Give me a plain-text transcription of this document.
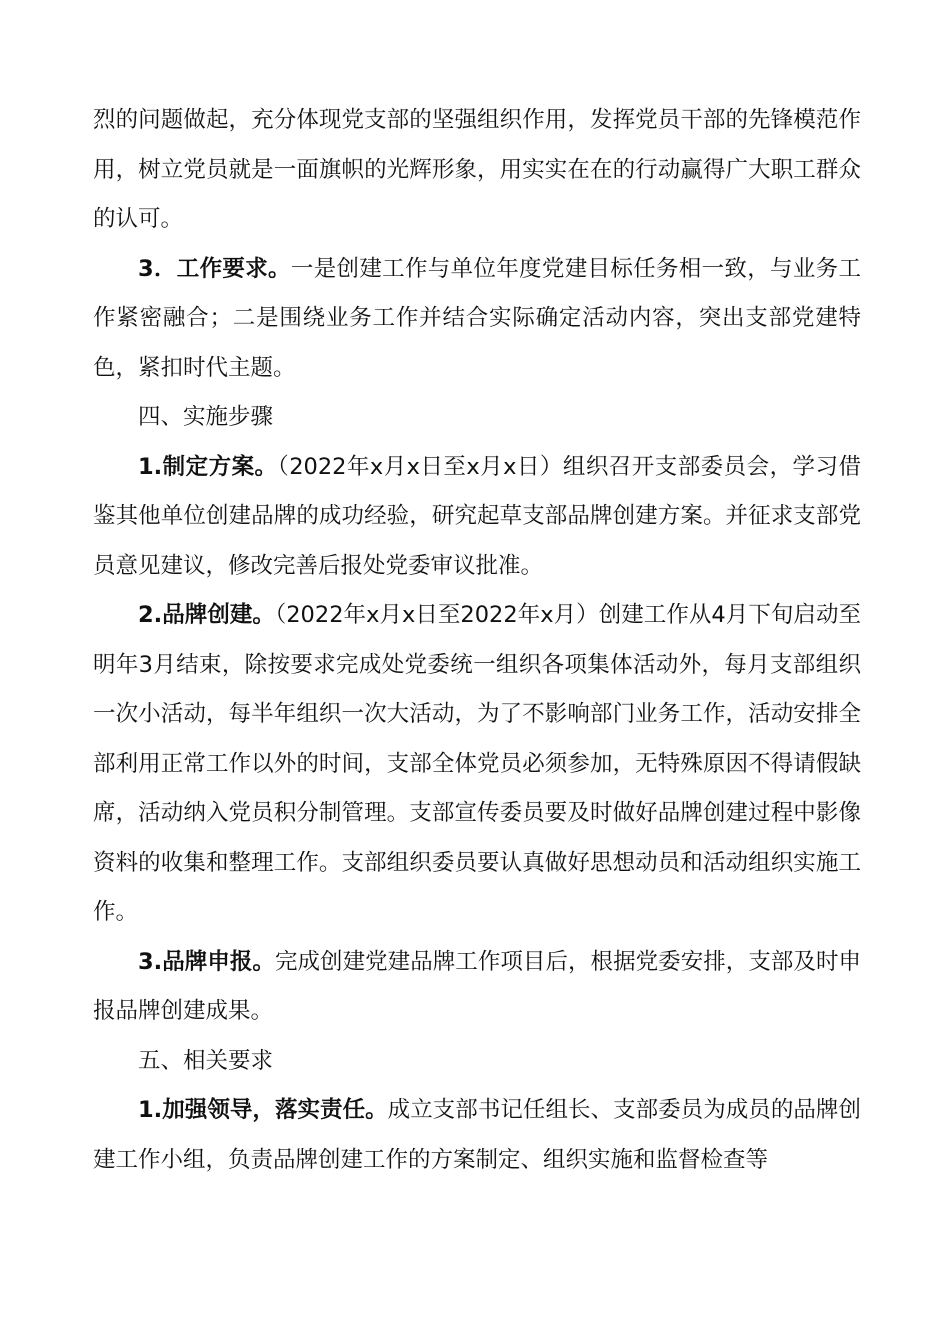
烈的问题做起，充分体现党支部的坚强组织作用，发挥党员干部的先锋模范作用，树立党员就是一面旗帜的光辉形象，用实实在在的行动赢得广大职工群众的认可。

3．工作要求。一是创建工作与单位年度党建目标任务相一致，与业务工作紧密融合；二是围绕业务工作并结合实际确定活动内容，突出支部党建特色，紧扣时代主题。

四、实施步骤

1.制定方案。（2022年x月x日至x月x日）组织召开支部委员会，学习借鉴其他单位创建品牌的成功经验，研究起草支部品牌创建方案。并征求支部党员意见建议，修改完善后报处党委审议批准。

2.品牌创建。（2022年x月x日至2022年x月）创建工作从4月下旬启动至明年3月结束，除按要求完成处党委统一组织各项集体活动外，每月支部组织一次小活动，每半年组织一次大活动，为了不影响部门业务工作，活动安排全部利用正常工作以外的时间，支部全体党员必须参加，无特殊原因不得请假缺席，活动纳入党员积分制管理。支部宣传委员要及时做好品牌创建过程中影像资料的收集和整理工作。支部组织委员要认真做好思想动员和活动组织实施工作。

3.品牌申报。完成创建党建品牌工作项目后，根据党委安排，支部及时申报品牌创建成果。

五、相关要求

1.加强领导，落实责任。成立支部书记任组长、支部委员为成员的品牌创建工作小组，负责品牌创建工作的方案制定、组织实施和监督检查等
